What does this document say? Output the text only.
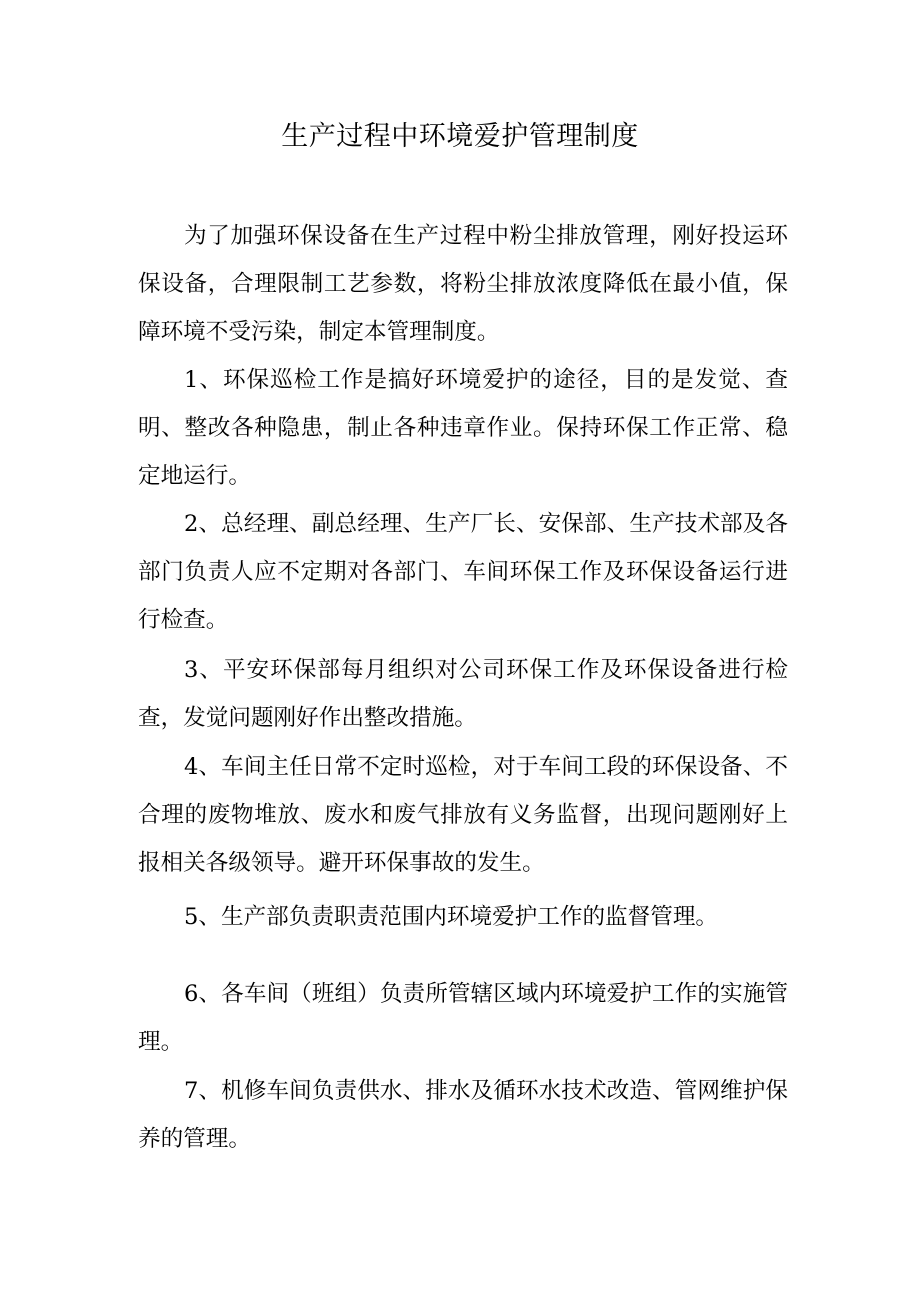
生产过程中环境爱护管理制度

为了加强环保设备在生产过程中粉尘排放管理，刚好投运环保设备，合理限制工艺参数，将粉尘排放浓度降低在最小值，保障环境不受污染，制定本管理制度。

1、环保巡检工作是搞好环境爱护的途径，目的是发觉、查明、整改各种隐患，制止各种违章作业。保持环保工作正常、稳定地运行。

2、总经理、副总经理、生产厂长、安保部、生产技术部及各部门负责人应不定期对各部门、车间环保工作及环保设备运行进行检查。

3、平安环保部每月组织对公司环保工作及环保设备进行检查，发觉问题刚好作出整改措施。

4、车间主任日常不定时巡检，对于车间工段的环保设备、不合理的废物堆放、废水和废气排放有义务监督，出现问题刚好上报相关各级领导。避开环保事故的发生。

5、生产部负责职责范围内环境爱护工作的监督管理。

6、各车间（班组）负责所管辖区域内环境爱护工作的实施管理。

7、机修车间负责供水、排水及循环水技术改造、管网维护保养的管理。
